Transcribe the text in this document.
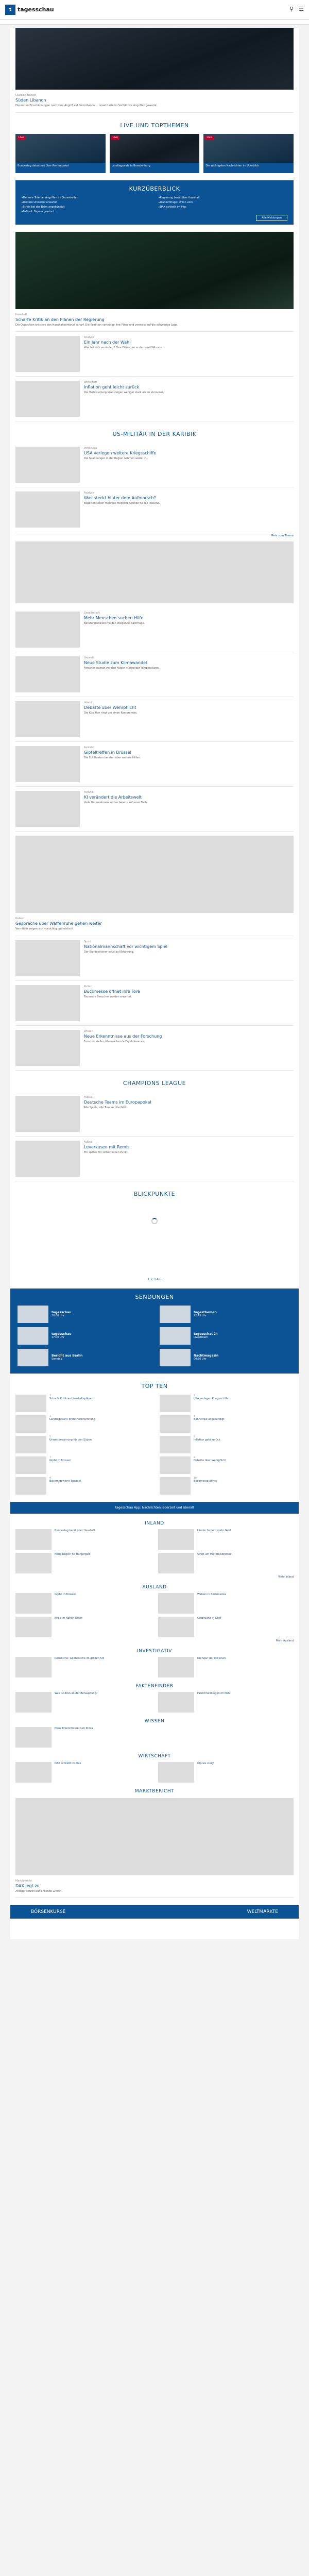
t	tagesschau	⚲ ☰
Liveblog Nahost
Süden Libanon
Die ersten Einschätzungen nach dem Angriff auf Süd-Libanon ... Israel hatte im Vorfeld vor Angriffen gewarnt.
LIVE UND TOPTHEMEN
Live
Bundestag debattiert über Rentenpaket
Live
Landtagswahl in Brandenburg
Live
Die wichtigsten Nachrichten im Überblick
KURZÜBERBLICK
▸ Mehrere Tote bei Angriffen im Gazastreifen	▸ Regierung berät über Haushalt
▸ Weitere Unwetter erwartet	▸ Wahlumfrage: Union vorn
▸ Streik bei der Bahn angekündigt	▸ DAX schließt im Plus
▸ Fußball: Bayern gewinnt
Alle Meldungen
Haushalt
Scharfe Kritik an den Plänen der Regierung
Die Opposition kritisiert den Haushaltsentwurf scharf. Die Koalition verteidigt ihre Pläne und verweist auf die schwierige Lage.
Analyse
Ein Jahr nach der Wahl
Was hat sich verändert? Eine Bilanz der ersten zwölf Monate.
Wirtschaft
Inflation geht leicht zurück
Die Verbraucherpreise steigen weniger stark als im Vormonat.
US-MILITÄR IN DER KARIBIK
Venezuela
USA verlegen weitere Kriegsschiffe
Die Spannungen in der Region nehmen weiter zu.
Analyse
Was steckt hinter dem Aufmarsch?
Experten sehen mehrere mögliche Gründe für die Präsenz.
Mehr zum Thema
Gesellschaft
Mehr Menschen suchen Hilfe
Beratungsstellen melden steigende Nachfrage.
Umwelt
Neue Studie zum Klimawandel
Forscher warnen vor den Folgen steigender Temperaturen.
Inland
Debatte über Wehrpflicht
Die Koalition ringt um einen Kompromiss.
Ausland
Gipfeltreffen in Brüssel
Die EU-Staaten beraten über weitere Hilfen.
Technik
KI verändert die Arbeitswelt
Viele Unternehmen setzen bereits auf neue Tools.
Nahost
Gespräche über Waffenruhe gehen weiter
Vermittler zeigen sich vorsichtig optimistisch.
Sport
Nationalmannschaft vor wichtigem Spiel
Der Bundestrainer setzt auf Erfahrung.
Kultur
Buchmesse öffnet ihre Tore
Tausende Besucher werden erwartet.
Wissen
Neue Erkenntnisse aus der Forschung
Forscher stellen überraschende Ergebnisse vor.
CHAMPIONS LEAGUE
Fußball
Deutsche Teams im Europapokal
Alle Spiele, alle Tore im Überblick.
Fußball
Leverkusen mit Remis
Ein spätes Tor sichert einen Punkt.
BLICKPUNKTE
1 2 3 4 5
SENDUNGEN
tagesschau
20:00 Uhr
tagesthemen
22:15 Uhr
tagesschau
17:00 Uhr
tagesschau24
Livestream
Bericht aus Berlin
Sonntag
Nachtmagazin
00:30 Uhr
TOP TEN
1
Scharfe Kritik an Haushaltsplänen
2
USA verlegen Kriegsschiffe
3
Landtagswahl: Erste Hochrechnung
4
Bahnstreik angekündigt
5
Unwetterwarnung für den Süden
6
Inflation geht zurück
7
Gipfel in Brüssel
8
Debatte über Wehrpflicht
9
Bayern gewinnt Topspiel
10
Buchmesse öffnet
tagesschau App: Nachrichten jederzeit und überall
INLAND
Bundestag berät über Haushalt	Länder fordern mehr Geld
Neue Regeln für Bürgergeld	Streit um Mietpreisbremse
Mehr Inland
AUSLAND
Gipfel in Brüssel	Wahlen in Südamerika
Krise im Nahen Osten	Gespräche in Genf
Mehr Ausland
INVESTIGATIV
Recherche: Geldwäsche im großen Stil	Die Spur der Millionen
FAKTENFINDER
Was ist dran an der Behauptung?	Falschmeldungen im Netz
WISSEN
Neue Erkenntnisse zum Klima
WIRTSCHAFT
DAX schließt im Plus	Ölpreis steigt
MARKTBERICHT
Marktbericht
DAX legt zu
Anleger setzen auf sinkende Zinsen.
BÖRSENKURSE	WELTMÄRKTE
